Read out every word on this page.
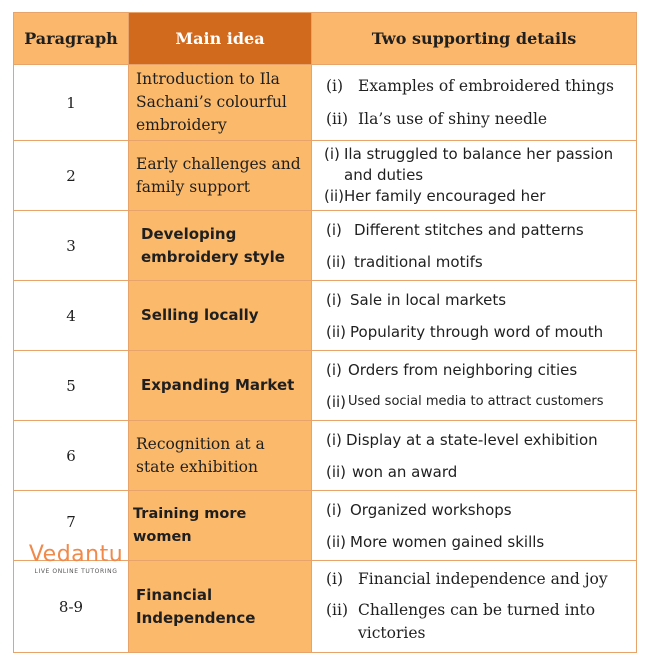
Paragraph	Main idea	Two supporting details
1	Introduction to Ila Sachani’s colourful embroidery	(i) Examples of embroidered things
(ii) Ila’s use of shiny needle

2	Early challenges and family support	(i) Ila struggled to balance her passion and duties
(ii) Her family encouraged her

3	Developing embroidery style	(i) Different stitches and patterns
(ii) traditional motifs

4	Selling locally	(i) Sale in local markets
(ii) Popularity through word of mouth

5	Expanding Market	(i) Orders from neighboring cities
(ii) Used social media to attract customers

6	Recognition at a state exhibition	(i) Display at a state-level exhibition
(ii) won an award

7	Training more women	(i) Organized workshops
(ii) More women gained skills

8-9	Financial Independence	(i) Financial independence and joy
(ii) Challenges can be turned into victories
Vedantu
LIVE ONLINE TUTORING
